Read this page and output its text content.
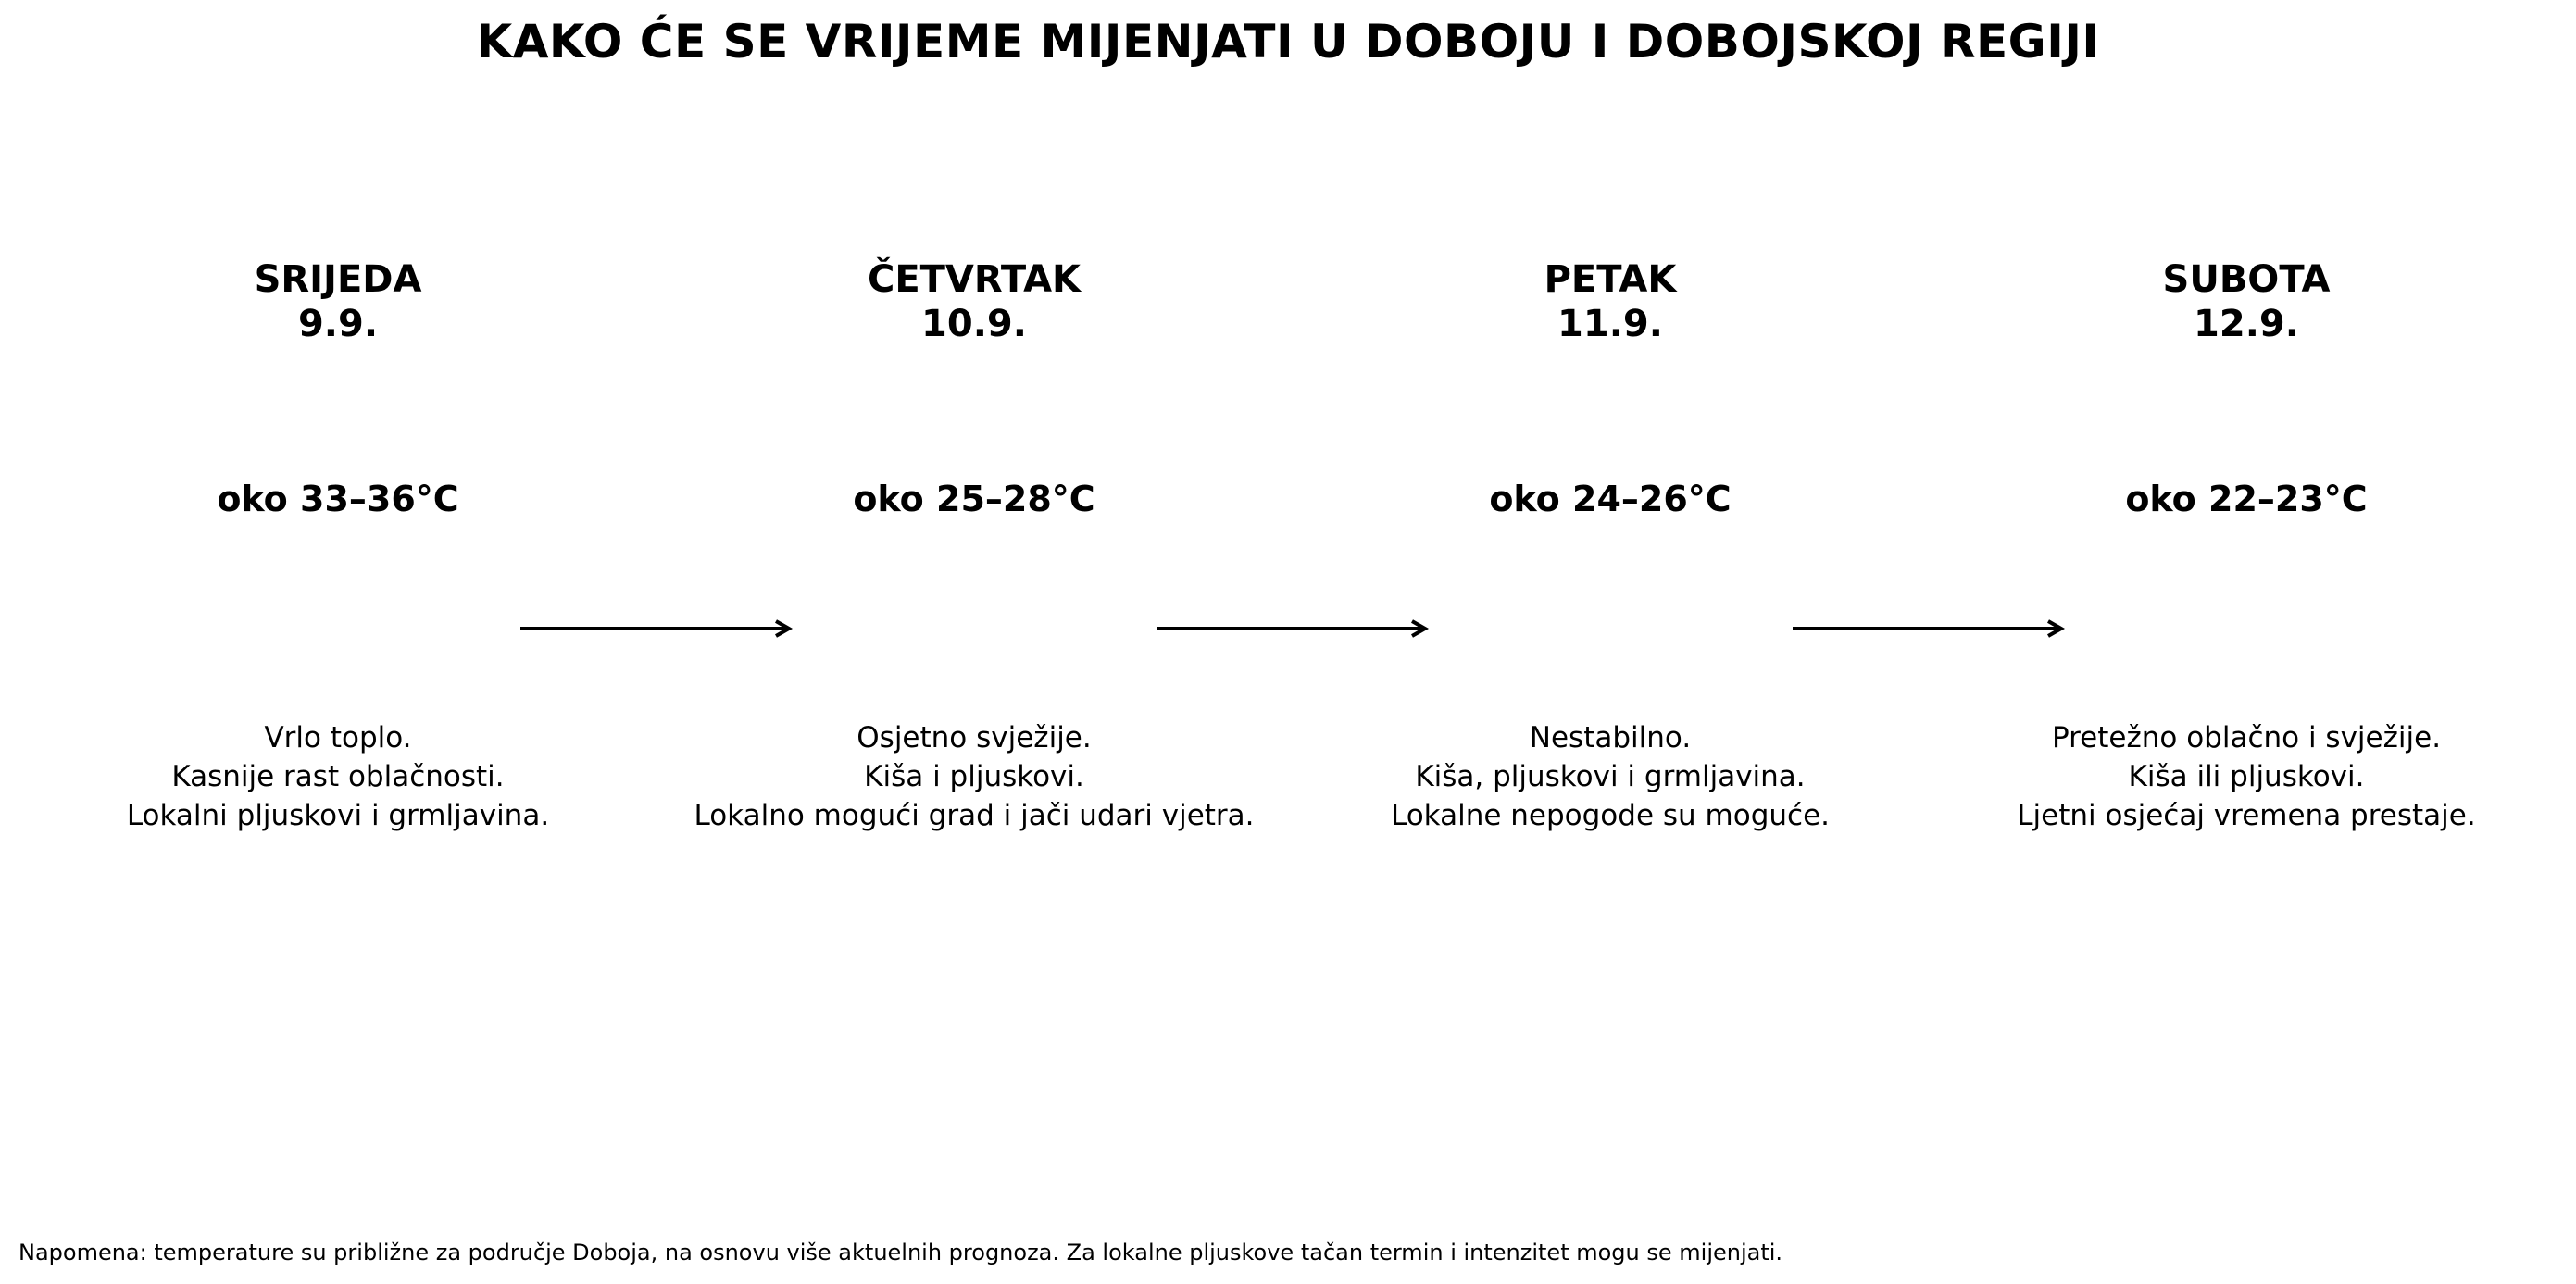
KAKO ĆE SE VRIJEME MIJENJATI U DOBOJU I DOBOJSKOJ REGIJI
SRIJEDA
9.9.
oko 33–36°C
Vrlo toplo.
Kasnije rast oblačnosti.
Lokalni pljuskovi i grmljavina.
ČETVRTAK
10.9.
oko 25–28°C
Osjetno svježije.
Kiša i pljuskovi.
Lokalno mogući grad i jači udari vjetra.
PETAK
11.9.
oko 24–26°C
Nestabilno.
Kiša, pljuskovi i grmljavina.
Lokalne nepogode su moguće.
SUBOTA
12.9.
oko 22–23°C
Pretežno oblačno i svježije.
Kiša ili pljuskovi.
Ljetni osjećaj vremena prestaje.
Napomena: temperature su približne za područje Doboja, na osnovu više aktuelnih prognoza. Za lokalne pljuskove tačan termin i intenzitet mogu se mijenjati.
